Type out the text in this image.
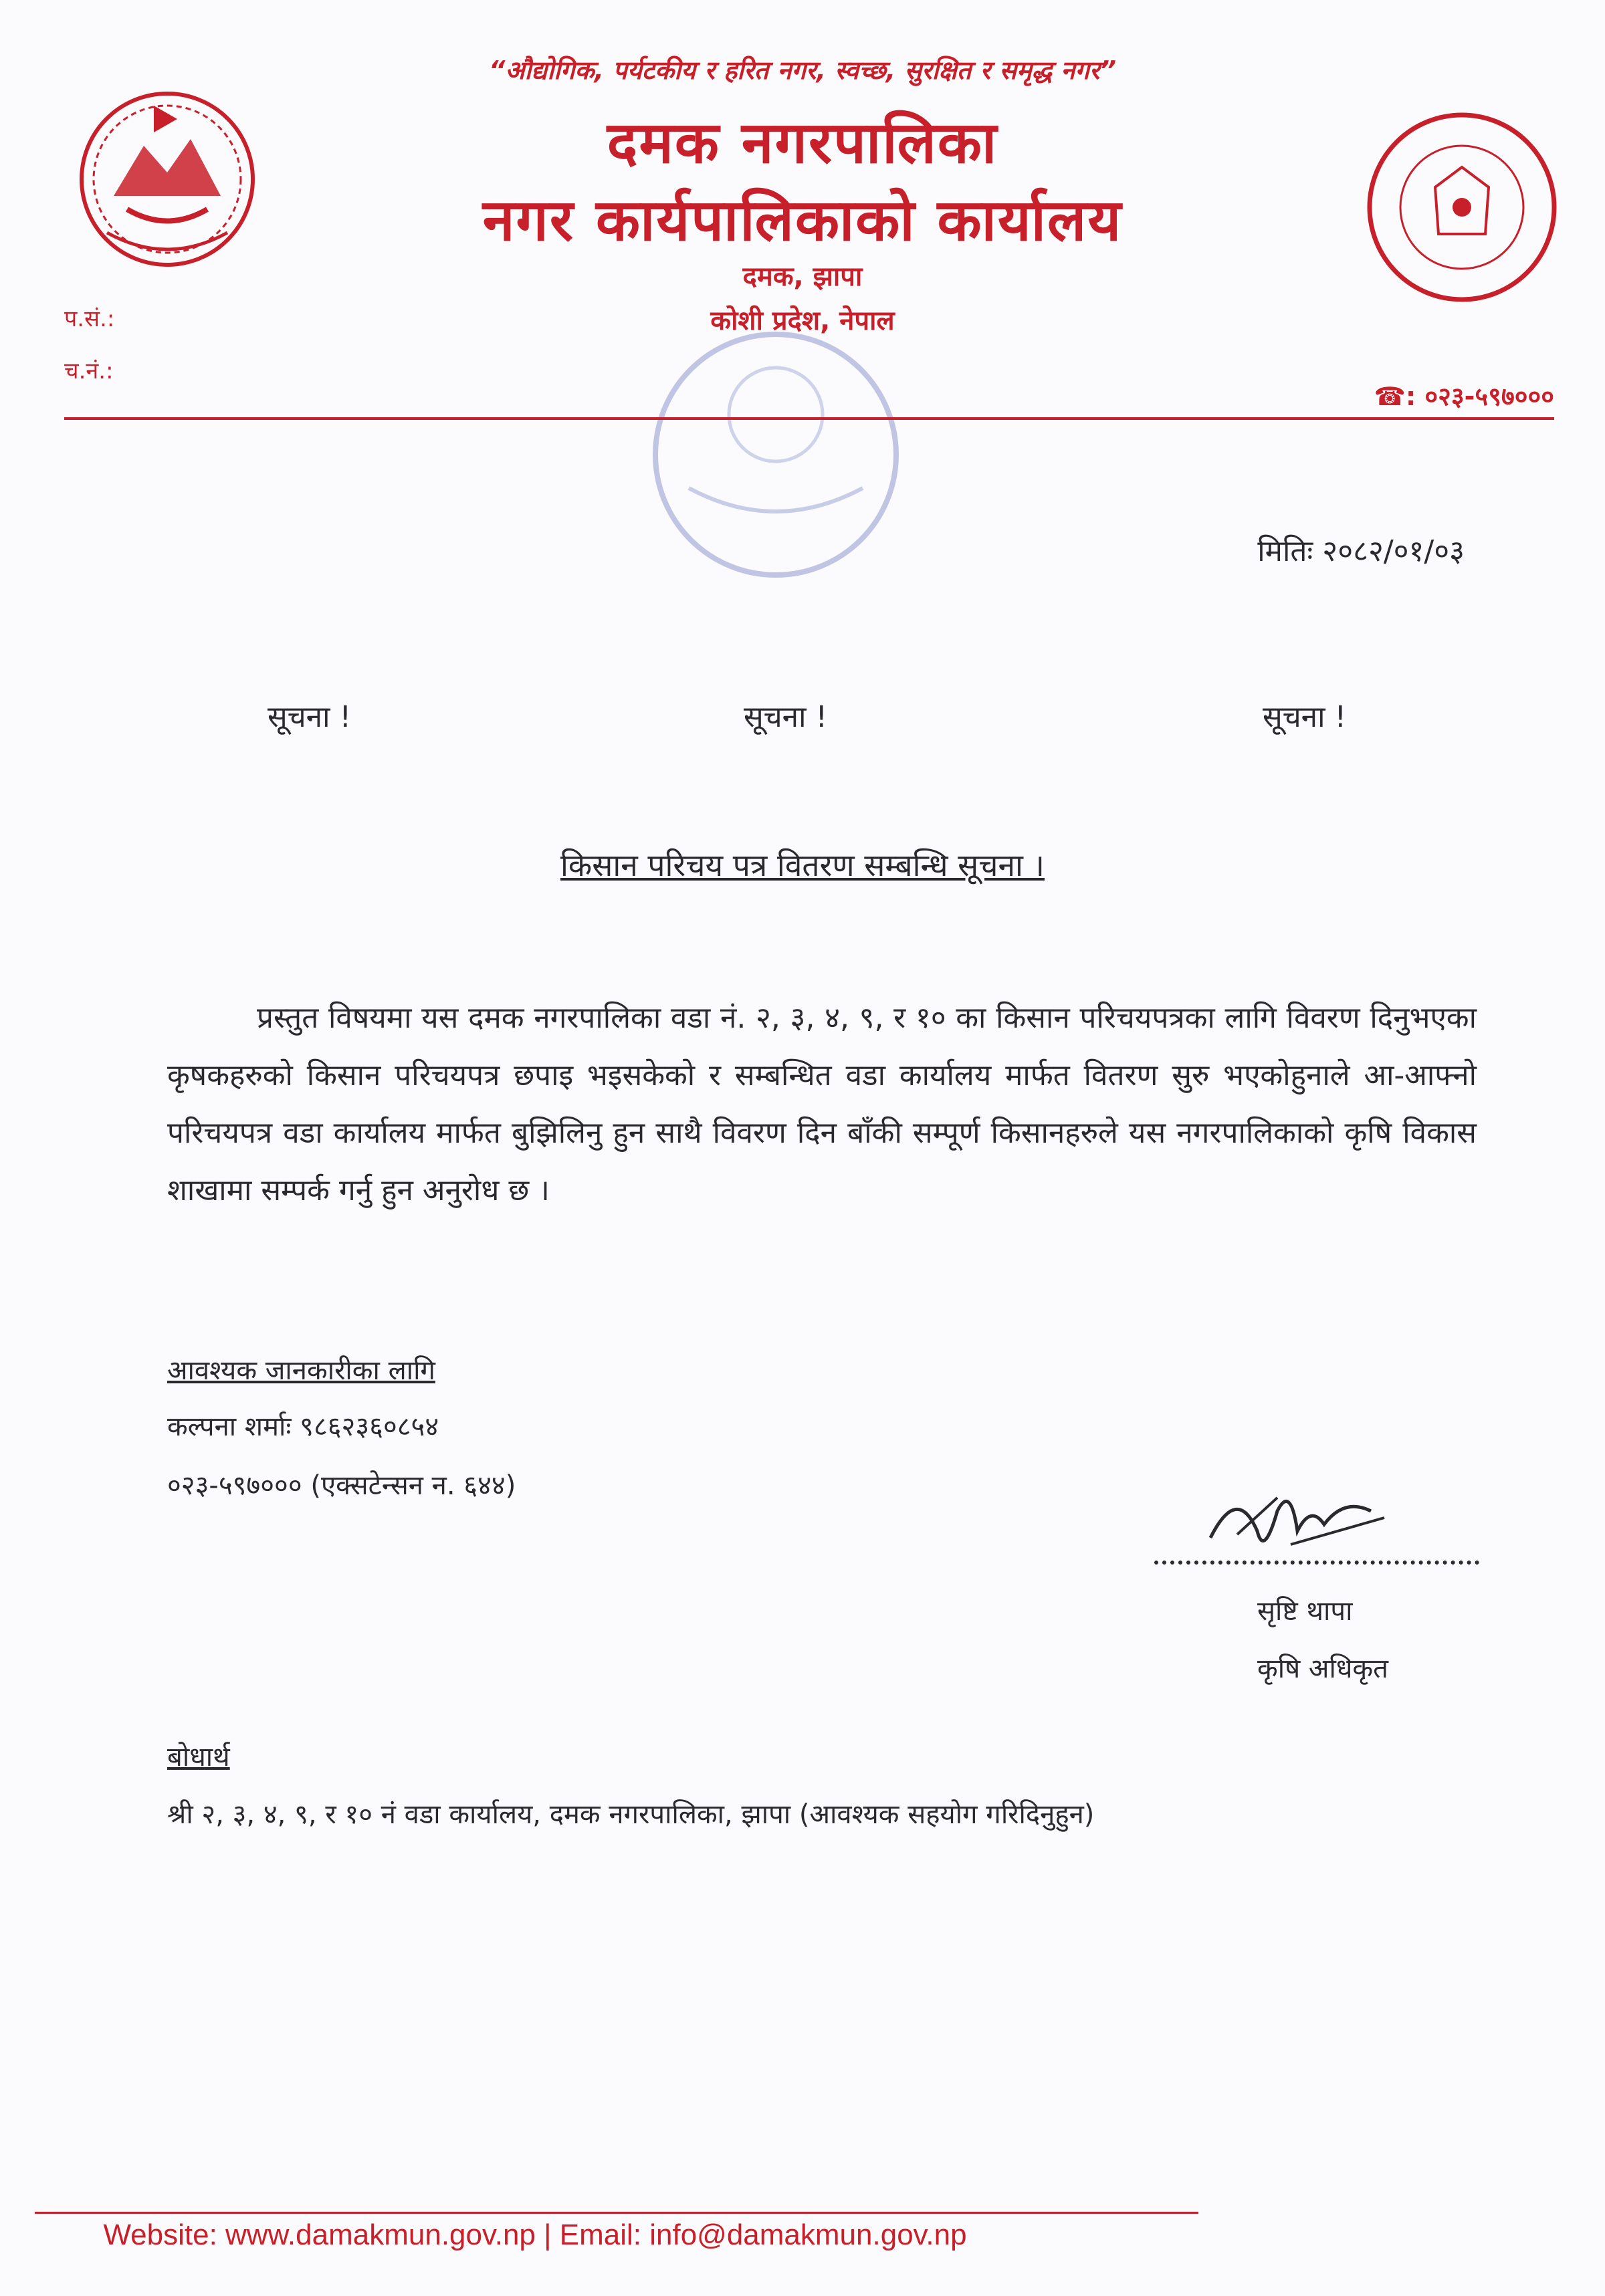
“औद्योगिक, पर्यटकीय र हरित नगर, स्वच्छ, सुरक्षित र समृद्ध नगर”
दमक नगरपालिका
नगर कार्यपालिकाको कार्यालय
दमक, झापा
कोशी प्रदेश, नेपाल
प.सं.:
च.नं.:
☎: ०२३-५९७०००
मितिः २०८२/०१/०३
सूचना !	सूचना !	सूचना !
किसान परिचय पत्र वितरण सम्बन्धि सूचना ।
प्रस्तुत विषयमा यस दमक नगरपालिका वडा नं. २, ३, ४, ९, र १० का किसान परिचयपत्रका लागि विवरण दिनुभएका कृषकहरुको किसान परिचयपत्र छपाइ भइसकेको र सम्बन्धित वडा कार्यालय मार्फत वितरण सुरु भएकोहुनाले आ-आफ्नो परिचयपत्र वडा कार्यालय मार्फत बुझिलिनु हुन साथै विवरण दिन बाँकी सम्पूर्ण किसानहरुले यस नगरपालिकाको कृषि विकास शाखामा सम्पर्क गर्नु हुन अनुरोध छ ।
आवश्यक जानकारीका लागि
कल्पना शर्माः ९८६२३६०८५४
०२३-५९७००० (एक्सटेन्सन न. ६४४)
सृष्टि थापा
कृषि अधिकृत
बोधार्थ
श्री २, ३, ४, ९, र १० नं वडा कार्यालय, दमक नगरपालिका, झापा (आवश्यक सहयोग गरिदिनुहुन)
Website: www.damakmun.gov.np | Email: info@damakmun.gov.np
